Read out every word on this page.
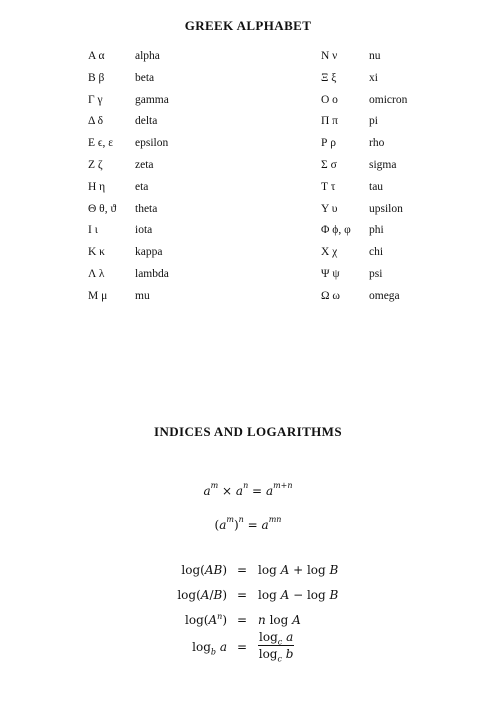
GREEK ALPHABET
Α α	alpha
Β β	beta
Γ γ	gamma
Δ δ	delta
Ε ϵ, ε epsilon
Ζ ζ	zeta
Η η	eta
Θ θ, ϑ theta
Ι ι	iota
Κ κ	kappa
Λ λ	lambda
Μ μ mu
Ν ν	nu
Ξ ξ	xi
Ο ο	omicron
Π π	pi
Ρ ρ	rho
Σ σ	sigma
Τ τ	tau
Υ υ	upsilon
Φ ϕ, φ phi
Χ χ	chi
Ψ ψ	psi
Ω ω	omega
INDICES AND LOGARITHMS
$a^m \times a^n = a^{m+n}$
$(a^m)^n = a^{mn}$
log(AB) = log A + log B
log(A/B) = log A − log B
$\log(A^n) = n$ log A
$\log_b a = \frac{\log_c a}{\log_c b}$
